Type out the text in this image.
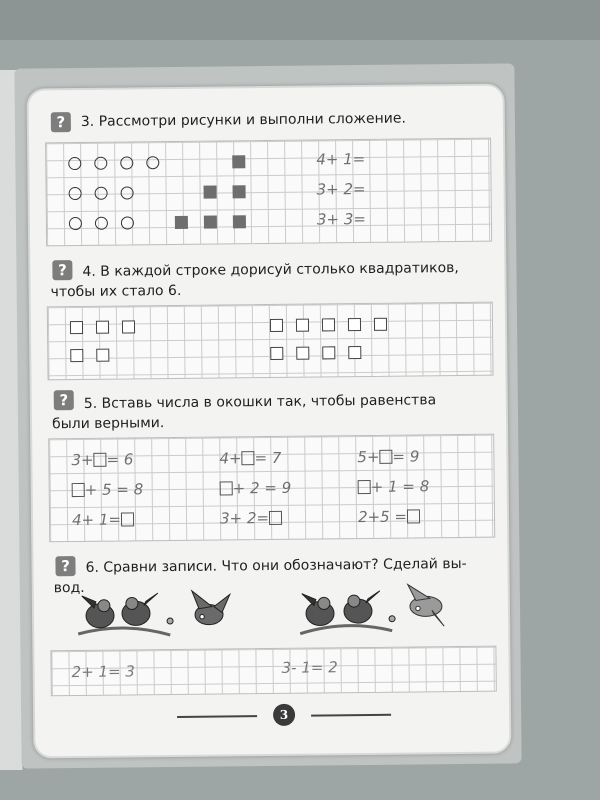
?	3. Рассмотри рисунки и выполни сложение.
4+ 1=
3+ 2=
3+ 3=
?	4. В каждой строке дорисуй столько квадратиков,
чтобы их стало 6.
?	5. Вставь числа в окошки так, чтобы равенства
были верными.
3+ = 6	4+ = 7	5+ = 9
+ 5 = 8	+ 2 = 9	+ 1 = 8
4+ 1=	3+ 2=	2+5 =
?	6. Сравни записи. Что они обозначают? Сделай вы-
вод.
2+ 1= 3	3- 1= 2
3
